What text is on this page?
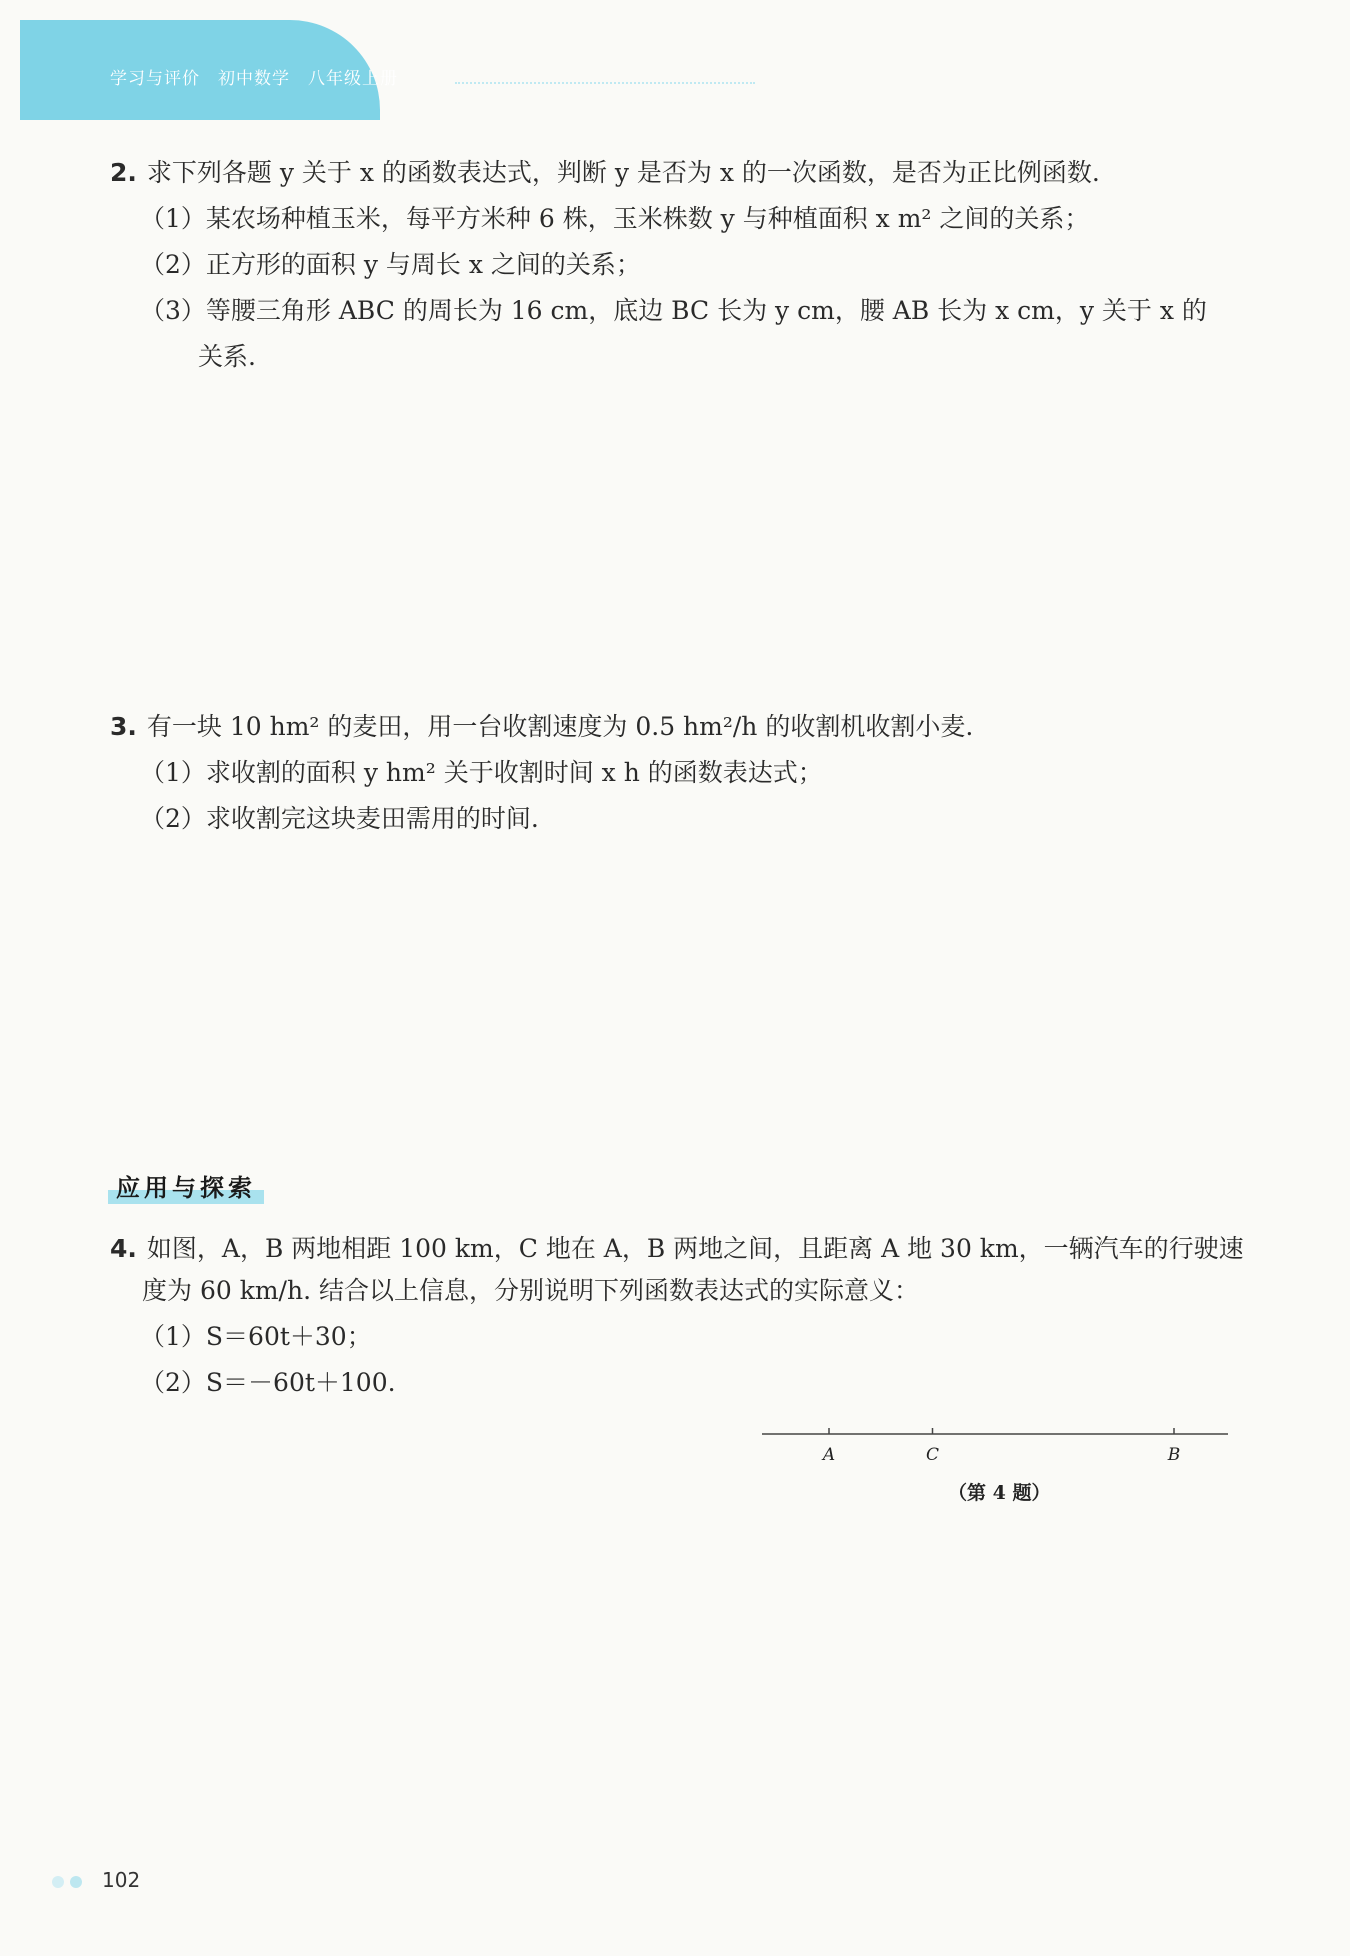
学习与评价 初中数学 八年级上册
2. 求下列各题 y 关于 x 的函数表达式，判断 y 是否为 x 的一次函数，是否为正比例函数.
（1）某农场种植玉米，每平方米种 6 株，玉米株数 y 与种植面积 x m² 之间的关系；
（2）正方形的面积 y 与周长 x 之间的关系；
（3）等腰三角形 ABC 的周长为 16 cm，底边 BC 长为 y cm，腰 AB 长为 x cm，y 关于 x 的
关系.
3. 有一块 10 hm² 的麦田，用一台收割速度为 0.5 hm²/h 的收割机收割小麦.
（1）求收割的面积 y hm² 关于收割时间 x h 的函数表达式；
（2）求收割完这块麦田需用的时间.
应用与探索
4. 如图，A，B 两地相距 100 km，C 地在 A，B 两地之间，且距离 A 地 30 km，一辆汽车的行驶速
度为 60 km/h. 结合以上信息，分别说明下列函数表达式的实际意义：
（1）S＝60t＋30；
（2）S＝－60t＋100.
A	C	B
（第 4 题）
102
